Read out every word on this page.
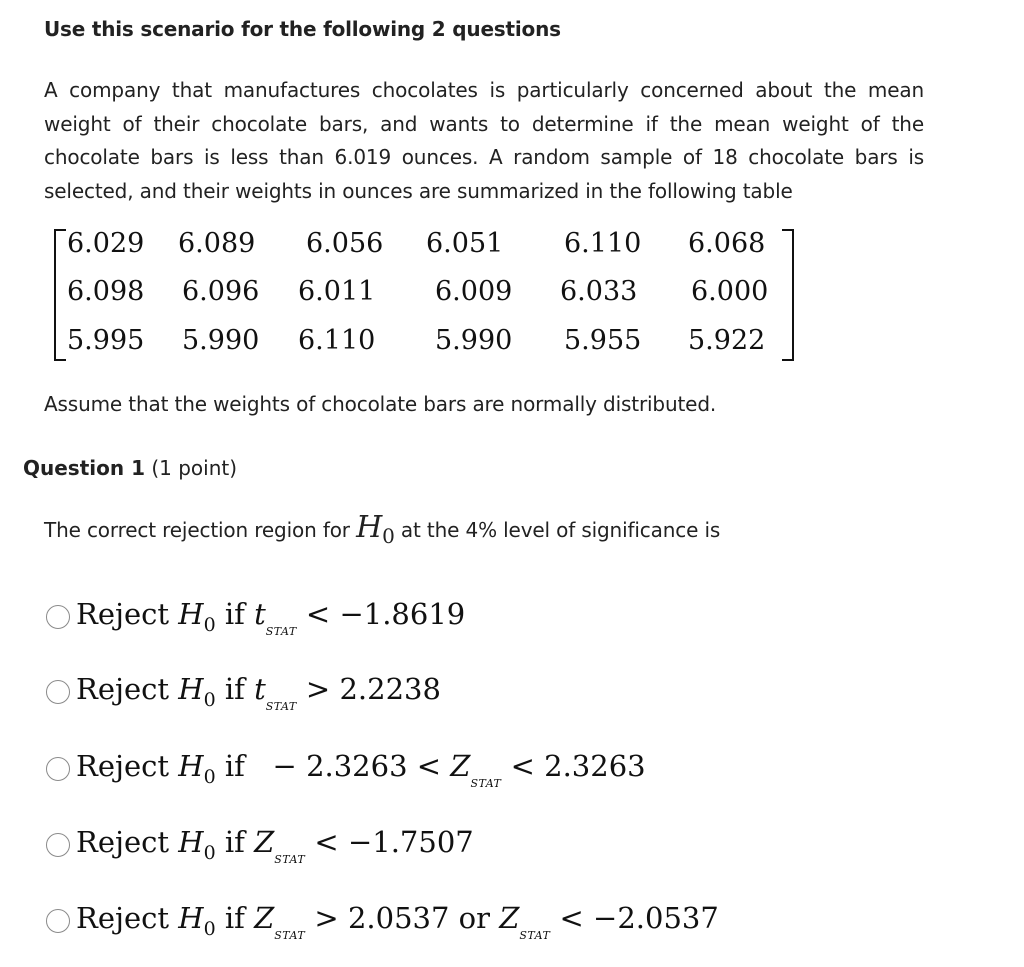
Use this scenario for the following 2 questions

A company that manufactures chocolates is particularly concerned about the mean weight of their chocolate bars, and wants to determine if the mean weight of the chocolate bars is less than 6.019 ounces. A random sample of 18 chocolate bars is selected, and their weights in ounces are summarized in the following table

6.029 6.089 6.056 6.051 6.110 6.068
6.098 6.096 6.011 6.009 6.033 6.000
5.995 5.990 6.110 5.990 5.955 5.922

Assume that the weights of chocolate bars are normally distributed.

Question 1 (1 point)

The correct rejection region for H0 at the 4% level of significance is

Reject $H_0$ if $t_{STAT} < -1.8619$
Reject $H_0$ if $t_{STAT} > 2.2238$
Reject $H_0$ if   − $2.3263 < Z_{STAT} < 2.3263$
Reject $H_0$ if $Z_{STAT} < -1.7507$
Reject $H_0$ if $Z_{STAT} > 2.0537$ or $Z_{STAT} < -2.0537$
